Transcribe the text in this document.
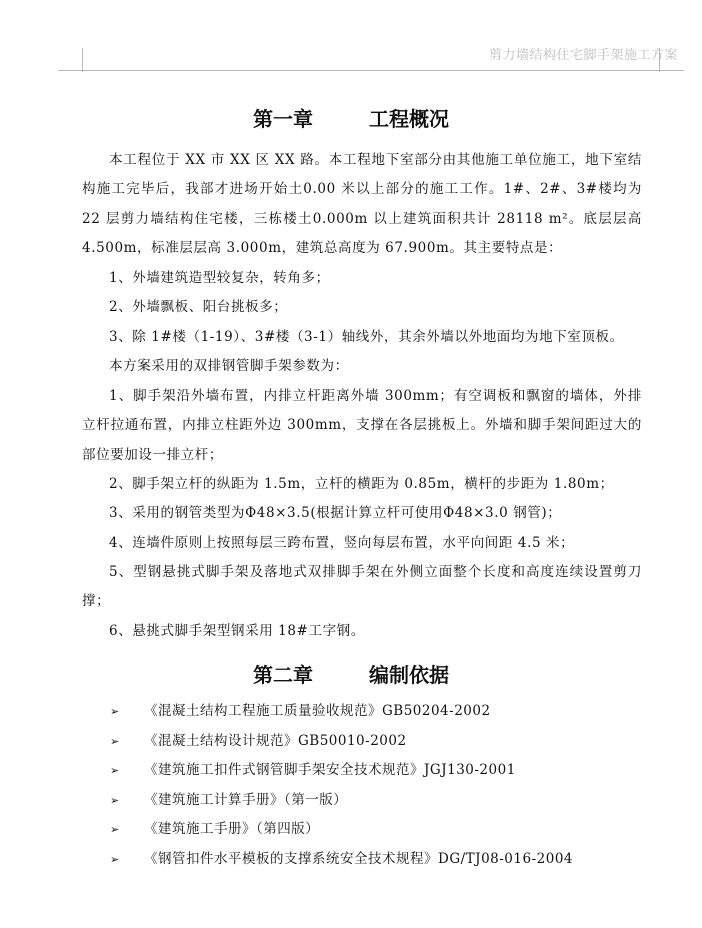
剪力墙结构住宅脚手架施工方案
第一章	工程概况
本工程位于 XX 市 XX 区 XX 路。本工程地下室部分由其他施工单位施工，地下室结构施工完毕后，我部才进场开始土0.00 米以上部分的施工工作。1#、2#、3#楼均为 22 层剪力墙结构住宅楼，三栋楼土0.000m 以上建筑面积共计 28118 m²。底层层高 4.500m，标准层层高 3.000m，建筑总高度为 67.900m。其主要特点是：
1、外墙建筑造型较复杂，转角多；
2、外墙飘板、阳台挑板多；
3、除 1#楼（1-19）、3#楼（3-1）轴线外，其余外墙以外地面均为地下室顶板。
本方案采用的双排钢管脚手架参数为：
1、脚手架沿外墙布置，内排立杆距离外墙 300mm；有空调板和飘窗的墙体，外排立杆拉通布置，内排立柱距外边 300mm，支撑在各层挑板上。外墙和脚手架间距过大的部位要加设一排立杆；
2、脚手架立杆的纵距为 1.5m，立杆的横距为 0.85m，横杆的步距为 1.80m；
3、采用的钢管类型为Φ48×3.5(根据计算立杆可使用Φ48×3.0 钢管)；
4、连墙件原则上按照每层三跨布置，竖向每层布置，水平向间距 4.5 米；
5、型钢悬挑式脚手架及落地式双排脚手架在外侧立面整个长度和高度连续设置剪刀撑；
6、悬挑式脚手架型钢采用 18#工字钢。
第二章	编制依据
➢ 《混凝土结构工程施工质量验收规范》GB50204-2002
➢ 《混凝土结构设计规范》GB50010-2002
➢ 《建筑施工扣件式钢管脚手架安全技术规范》JGJ130-2001
➢ 《建筑施工计算手册》（第一版）
➢ 《建筑施工手册》（第四版）
➢ 《钢管扣件水平模板的支撑系统安全技术规程》DG/TJ08-016-2004
